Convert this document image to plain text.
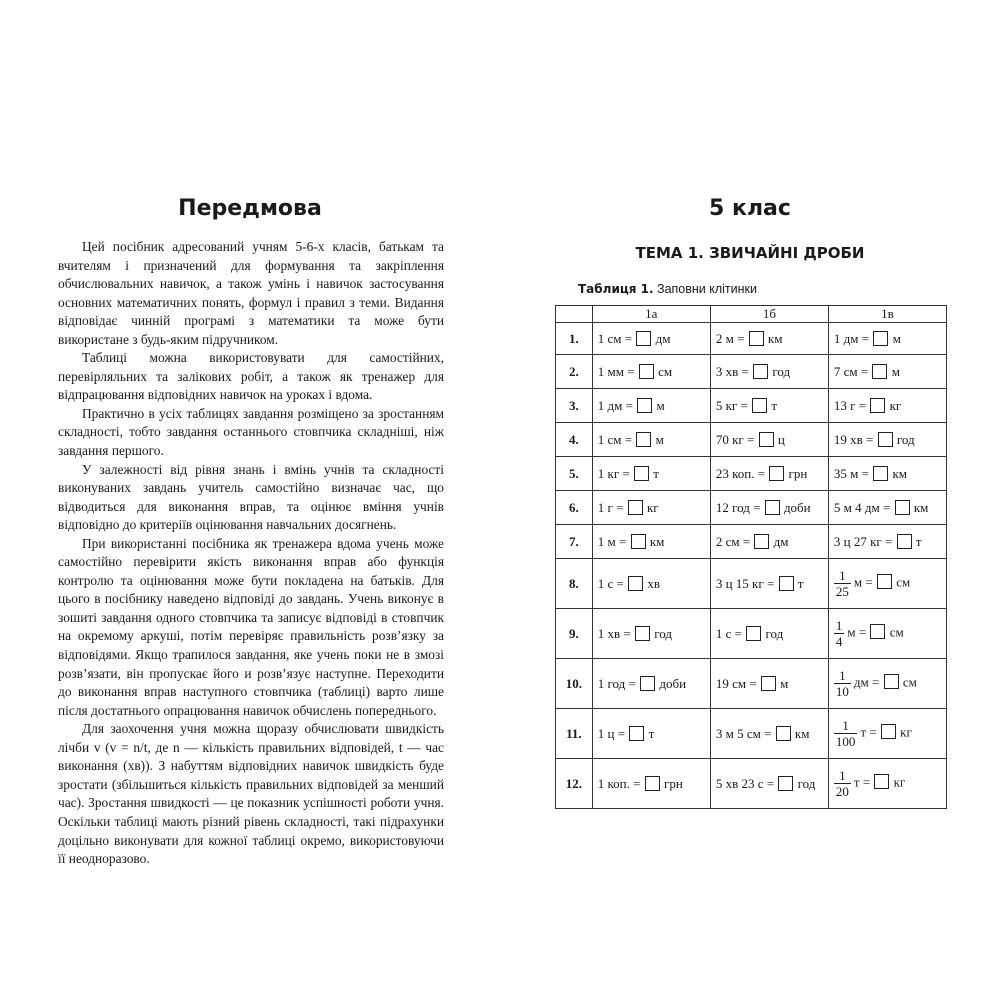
Передмова

Цей посібник адресований учням 5-6-х класів, батькам та вчителям і призначений для формування та закріплення обчислювальних навичок, а також умінь і навичок застосування основних математичних понять, формул і правил з теми. Видання відповідає чинній програмі з математики та може бути використане з будь-яким підручником.

Таблиці можна використовувати для самостійних, перевірляльних та залікових робіт, а також як тренажер для відпрацювання відповідних навичок на уроках і вдома.

Практично в усіх таблицях завдання розміщено за зростанням складності, тобто завдання останнього стовпчика складніші, ніж завдання першого.

У залежності від рівня знань і вмінь учнів та складності виконуваних завдань учитель самостійно визначає час, що відводиться для виконання вправ, та оцінює вміння учнів відповідно до критеріїв оцінювання навчальних досягнень.

При використанні посібника як тренажера вдома учень може самостійно перевірити якість виконання вправ або функція контролю та оцінювання може бути покладена на батьків. Для цього в посібнику наведено відповіді до завдань. Учень виконує в зошиті завдання одного стовпчика та записує відповіді в стовпчик на окремому аркуші, потім перевіряє правильність розв’язку за відповідями. Якщо трапилося завдання, яке учень поки не в змозі розв’язати, він пропускає його и розв’язує наступне. Переходити до виконання вправ наступного стовпчика (таблиці) варто лише після достатнього опрацювання навичок обчислень попереднього.

Для заохочення учня можна щоразу обчислювати швидкість лічби v (v = n/t, де n — кількість правильних відповідей, t — час виконання (хв)). З набуттям відповідних навичок швидкість буде зростати (збільшиться кількість правильних відповідей за менший час). Зростання швидкості — це показник успішності роботи учня. Оскільки таблиці мають різний рівень складності, такі підрахунки доцільно виконувати для кожної таблиці окремо, використовуючи її неодноразово.

5 клас
ТЕМА 1. ЗВИЧАЙНІ ДРОБИ
Таблиця 1. Заповни клітинки
	1а	1б	1в
1.	1 см =  дм	2 м =  км	1 дм =  м
2.	1 мм =  см	3 хв =  год	7 см =  м
3.	1 дм =  м	5 кг =  т	13 г =  кг
4.	1 см =  м	70 кг =  ц	19 хв =  год
5.	1 кг =  т	23 коп. =  грн	35 м =  км
6.	1 г =  кг	12 год =  доби	5 м 4 дм =  км
7.	1 м =  км	2 см =  дм	3 ц 27 кг =  т
8.	1 с =  хв	3 ц 15 кг =  т	$\frac{1}{25}$ м =  см
9.	1 хв =  год	1 с =  год	$\frac{1}{4}$ м =  см
10.	1 год =  доби	19 см =  м	$\frac{1}{10}$ дм =  см
11.	1 ц =  т	3 м 5 см =  км	$\frac{1}{100}$ т =  кг
12.	1 коп. =  грн	5 хв 23 с =  год	$\frac{1}{20}$ т =  кг
